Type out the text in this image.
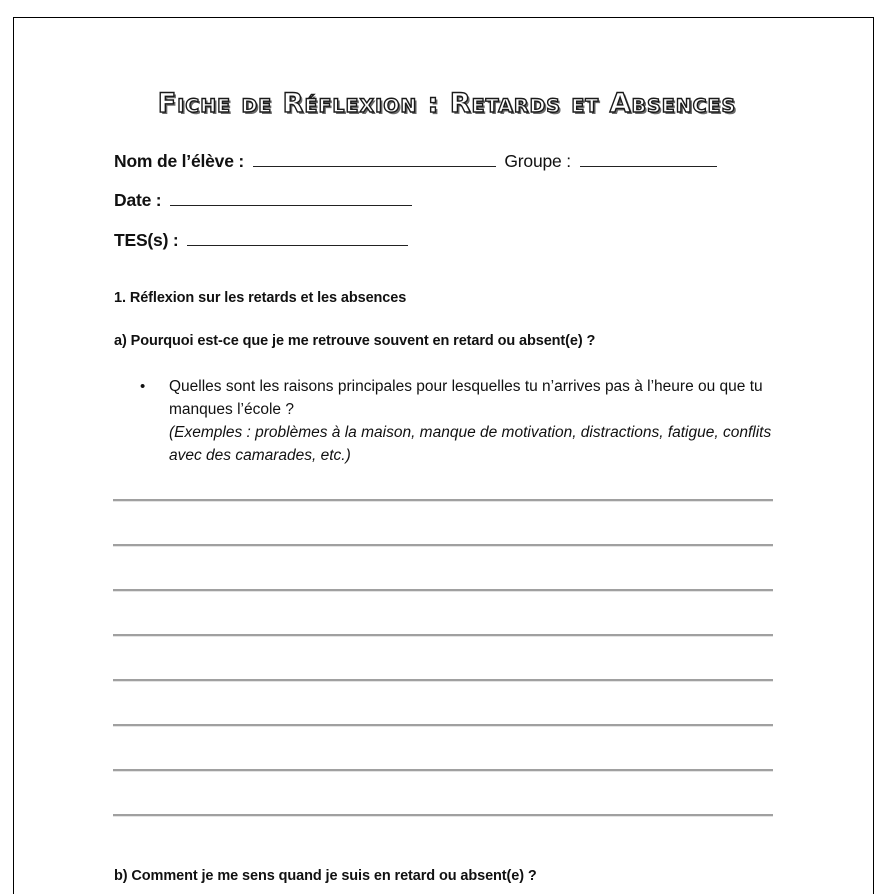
Fiche de Réflexion : Retards et Absences
Nom de l’élève :	Groupe :
Date :
TES(s) :
1. Réflexion sur les retards et les absences
a) Pourquoi est-ce que je me retrouve souvent en retard ou absent(e) ?
• Quelles sont les raisons principales pour lesquelles tu n’arrives pas à l’heure ou que tu manques l’école ?
(Exemples : problèmes à la maison, manque de motivation, distractions, fatigue, conflits avec des camarades, etc.)
b) Comment je me sens quand je suis en retard ou absent(e) ?
